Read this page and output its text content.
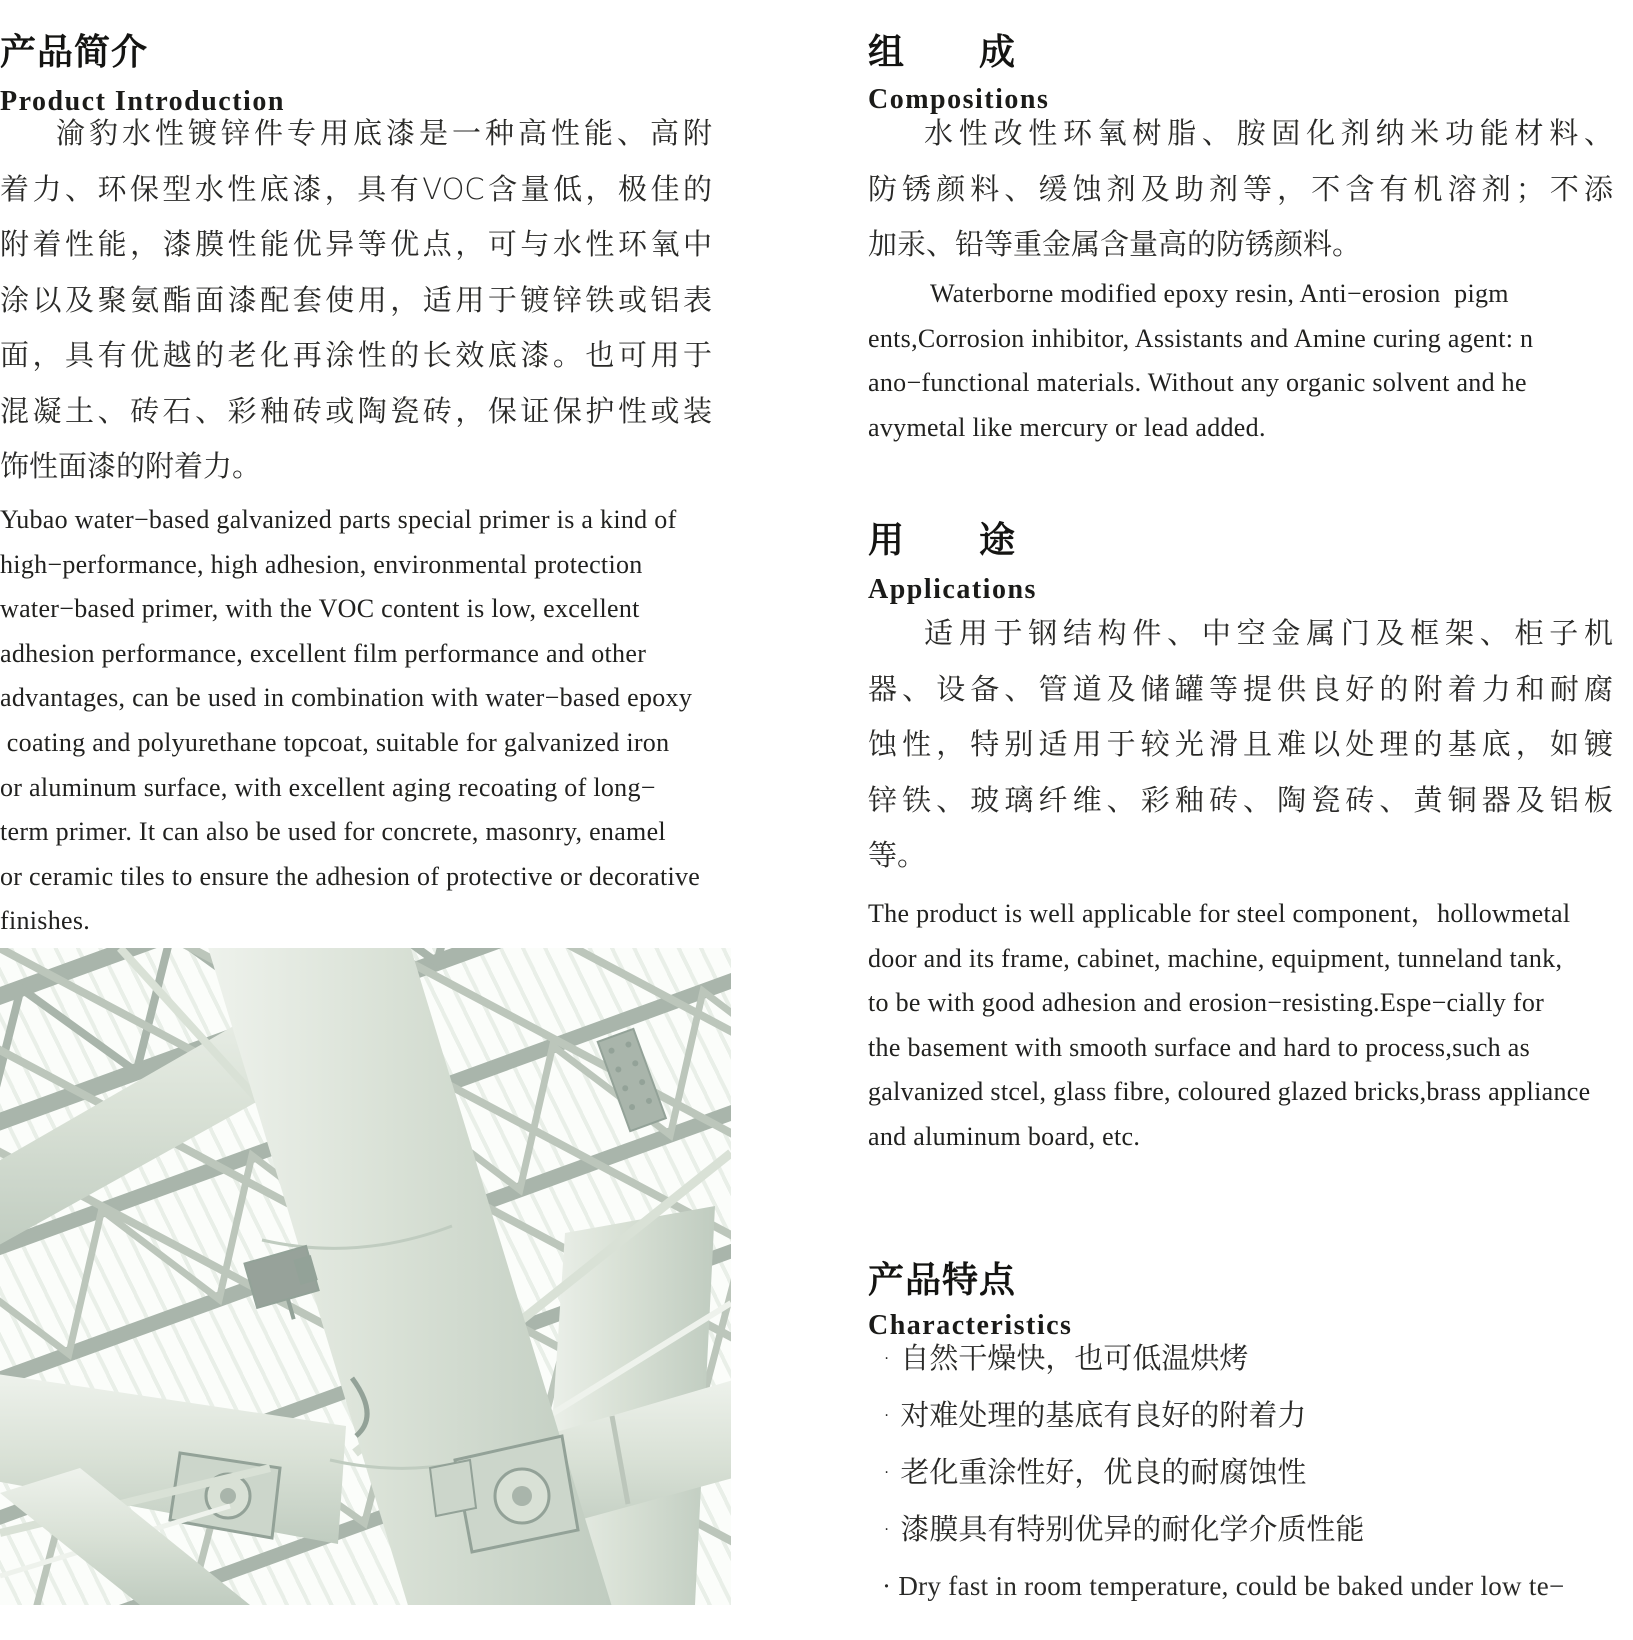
产品简介
Product Introduction
渝豹水性镀锌件专用底漆是一种高性能、高附
着力、环保型水性底漆，具有VOC含量低，极佳的
附着性能，漆膜性能优异等优点，可与水性环氧中
涂以及聚氨酯面漆配套使用，适用于镀锌铁或铝表
面，具有优越的老化再涂性的长效底漆。也可用于
混凝土、砖石、彩釉砖或陶瓷砖，保证保护性或装
饰性面漆的附着力。
Yubao water−based galvanized parts special primer is a kind of
high−performance, high adhesion, environmental protection
water−based primer, with the VOC content is low, excellent
adhesion performance, excellent film performance and other
advantages, can be used in combination with water−based epoxy
coating and polyurethane topcoat, suitable for galvanized iron
or aluminum surface, with excellent aging recoating of long−
term primer. It can also be used for concrete, masonry, enamel
or ceramic tiles to ensure the adhesion of protective or decorative
finishes.
组　　成
Compositions
水性改性环氧树脂、胺固化剂纳米功能材料、
防锈颜料、缓蚀剂及助剂等，不含有机溶剂；不添
加汞、铅等重金属含量高的防锈颜料。
Waterborne modified epoxy resin, Anti−erosion  pigm
ents,Corrosion inhibitor, Assistants and Amine curing agent: n
ano−functional materials. Without any organic solvent and he
avymetal like mercury or lead added.
用　　途
Applications
适用于钢结构件、中空金属门及框架、柜子机
器、设备、管道及储罐等提供良好的附着力和耐腐
蚀性，特别适用于较光滑且难以处理的基底，如镀
锌铁、玻璃纤维、彩釉砖、陶瓷砖、黄铜器及铝板
等。
The product is well applicable for steel component，hollowmetal
door and its frame, cabinet, machine, equipment, tunneland tank,
to be with good adhesion and erosion−resisting.Espe−cially for
the basement with smooth surface and hard to process,such as
galvanized stcel, glass fibre, coloured glazed bricks,brass appliance
and aluminum board, etc.
产品特点
Characteristics
· 自然干燥快，也可低温烘烤
· 对难处理的基底有良好的附着力
· 老化重涂性好，优良的耐腐蚀性
· 漆膜具有特别优异的耐化学介质性能
· Dry fast in room temperature, could be baked under low te−
